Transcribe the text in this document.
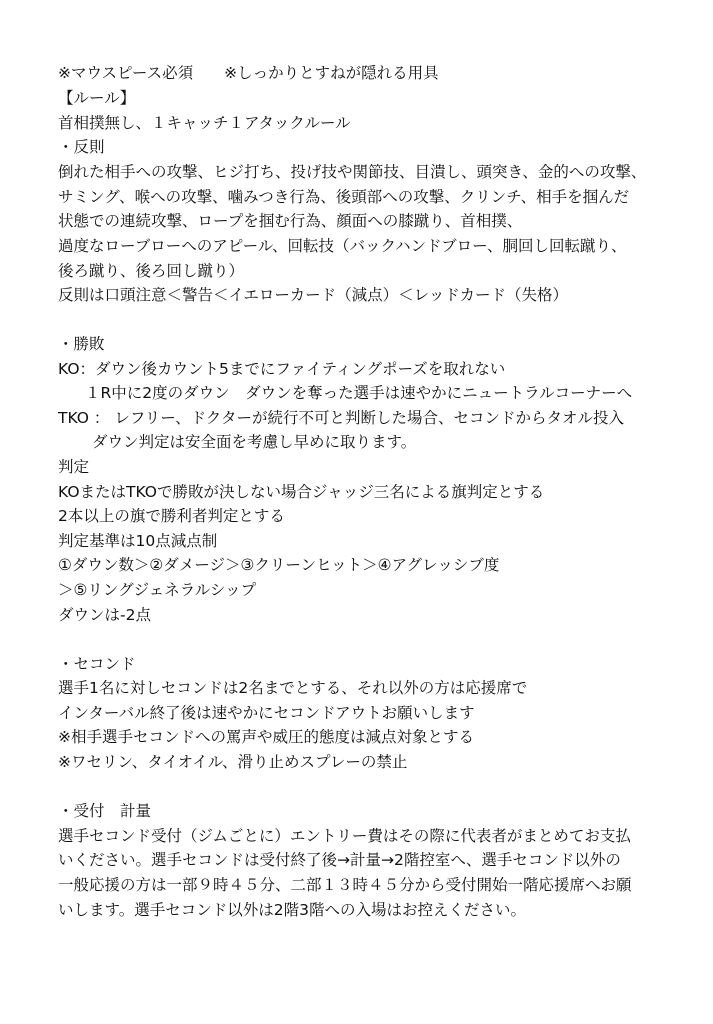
※マウスピース必須　　※しっかりとすねが隠れる用具
【ルール】
首相撲無し、１キャッチ１アタックルール
・反則
倒れた相手への攻撃、ヒジ打ち、投げ技や関節技、目潰し、頭突き、金的への攻撃、
サミング、喉への攻撃、噛みつき行為、後頭部への攻撃、クリンチ、相手を掴んだ
状態での連続攻撃、ロープを掴む行為、顔面への膝蹴り、首相撲、
過度なローブローへのアピール、回転技（バックハンドブロー、胴回し回転蹴り、
後ろ蹴り、後ろ回し蹴り）
反則は口頭注意＜警告＜イエローカード（減点）＜レッドカード（失格）
・勝敗
KO：ダウン後カウント5までにファイティングポーズを取れない
１R中に2度のダウン　ダウンを奪った選手は速やかにニュートラルコーナーへ
TKO ： レフリー、ドクターが続行不可と判断した場合、セコンドからタオル投入
ダウン判定は安全面を考慮し早めに取ります。
判定
KOまたはTKOで勝敗が決しない場合ジャッジ三名による旗判定とする
2本以上の旗で勝利者判定とする
判定基準は10点減点制
①ダウン数＞②ダメージ＞③クリーンヒット＞④アグレッシブ度
＞⑤リングジェネラルシップ
ダウンは-2点
・セコンド
選手1名に対しセコンドは2名までとする、それ以外の方は応援席で
インターバル終了後は速やかにセコンドアウトお願いします
※相手選手セコンドへの罵声や威圧的態度は減点対象とする
※ワセリン、タイオイル、滑り止めスプレーの禁止
・受付　計量
選手セコンド受付（ジムごとに）エントリー費はその際に代表者がまとめてお支払
いください。選手セコンドは受付終了後→計量→2階控室へ、選手セコンド以外の
一般応援の方は一部９時４５分、二部１３時４５分から受付開始一階応援席へお願
いします。選手セコンド以外は2階3階への入場はお控えください。
